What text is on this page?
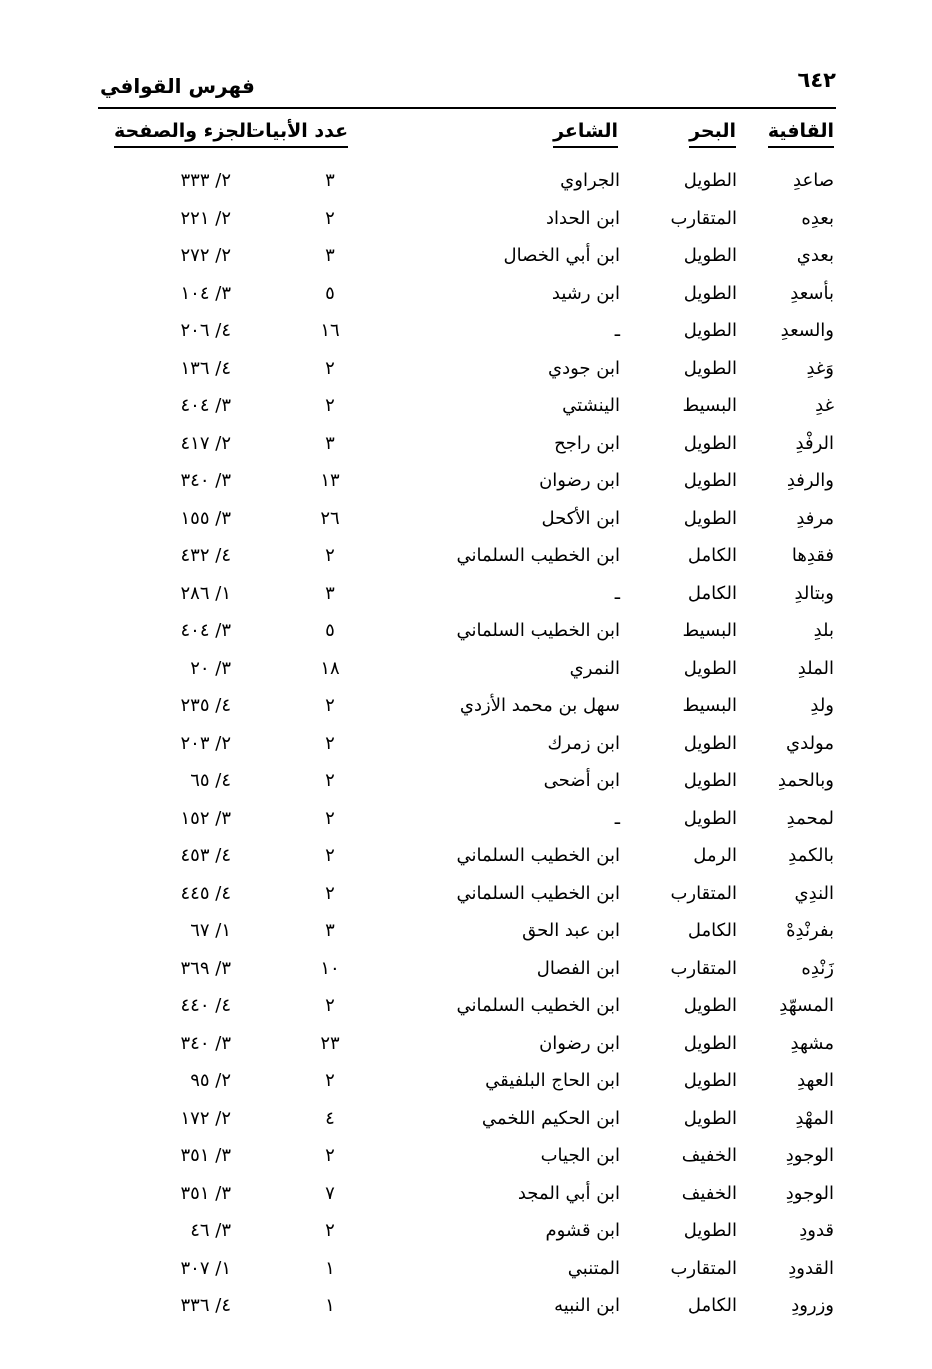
٦٤٢
فهرس القوافي
القافية
البحر
الشاعر
عدد الأبيات
الجزء والصفحة
صاعدِ
الطويل
الجراوي
٣
٢/ ٣٣٣
بعدِه
المتقارب
ابن الحداد
٢
٢/ ٢٢١
بعدي
الطويل
ابن أبي الخصال
٣
٢/ ٢٧٢
بأسعدِ
الطويل
ابن رشيد
٥
٣/ ١٠٤
والسعدِ
الطويل
ـ
١٦
٤/ ٢٠٦
وَغدِ
الطويل
ابن جودي
٢
٤/ ١٣٦
غدِ
البسيط
الينشتي
٢
٣/ ٤٠٤
الرفْدِ
الطويل
ابن راجح
٣
٢/ ٤١٧
والرفدِ
الطويل
ابن رضوان
١٣
٣/ ٣٤٠
مرفدِ
الطويل
ابن الأكحل
٢٦
٣/ ١٥٥
فقدِها
الكامل
ابن الخطيب السلماني
٢
٤/ ٤٣٢
وبتالدِ
الكامل
ـ
٣
١/ ٢٨٦
بلدِ
البسيط
ابن الخطيب السلماني
٥
٣/ ٤٠٤
الملدِ
الطويل
النمري
١٨
٣/ ٢٠
ولدِ
البسيط
سهل بن محمد الأزدي
٢
٤/ ٢٣٥
مولدي
الطويل
ابن زمرك
٢
٢/ ٢٠٣
وبالحمدِ
الطويل
ابن أضحى
٢
٤/ ٦٥
لمحمدِ
الطويل
ـ
٢
٣/ ١٥٢
بالكمدِ
الرمل
ابن الخطيب السلماني
٢
٤/ ٤٥٣
الندِي
المتقارب
ابن الخطيب السلماني
٢
٤/ ٤٤٥
بفرنْدِهْ
الكامل
ابن عبد الحق
٣
١/ ٦٧
زَنْدِه
المتقارب
ابن الفصال
١٠
٣/ ٣٦٩
المسهّدِ
الطويل
ابن الخطيب السلماني
٢
٤/ ٤٤٠
مشهدِ
الطويل
ابن رضوان
٢٣
٣/ ٣٤٠
العهدِ
الطويل
ابن الحاج البلفيقي
٢
٢/ ٩٥
المهْدِ
الطويل
ابن الحكيم اللخمي
٤
٢/ ١٧٢
الوجودِ
الخفيف
ابن الجياب
٢
٣/ ٣٥١
الوجودِ
الخفيف
ابن أبي المجد
٧
٣/ ٣٥١
قدودِ
الطويل
ابن قشوم
٢
٣/ ٤٦
القدودِ
المتقارب
المتنبي
١
١/ ٣٠٧
وزرودِ
الكامل
ابن النبيه
١
٤/ ٣٣٦
